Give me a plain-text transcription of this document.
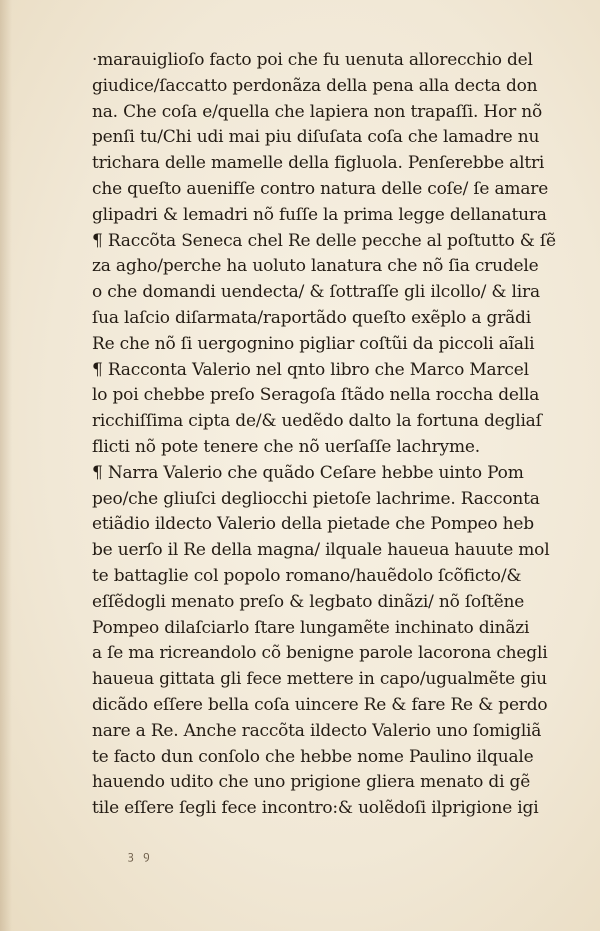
·marauiglioſo facto poi che fu uenuta allorecchio del
giudice/ſaccatto perdonãza della pena alla decta don
na. Che coſa e/quella che lapiera non trapaſſi. Hor nõ
penſi tu/Chi udi mai piu diſuſata coſa che lamadre nu
trichara delle mamelle della figluola. Penſerebbe altri
che queſto auenifſe contro natura delle coſe/ ſe amare
glipadri & lemadri nõ fuſſe la prima legge dellanatura
¶ Raccõta Seneca chel Re delle pecche al poſtutto & ſẽ
za agho/perche ha uoluto lanatura che nõ ſia crudele
o che domandi uendecta/ & ſottraſſe gli ilcollo/ & lira
ſua laſcio diſarmata/raportãdo queſto exẽplo a grãdi
Re che nõ ſi uergognino pigliar coſtũi da piccoli aĩali
¶ Racconta Valerio nel qnto libro che Marco Marcel
lo poi chebbe preſo Seragoſa ſtãdo nella roccha della
ricchiſſima cipta de/& uedẽdo dalto la fortuna degliaſ
flicti nõ pote tenere che nõ uerſaſſe lachryme.
¶ Narra Valerio che quãdo Ceſare hebbe uinto Pom
peo/che gliuſci degliocchi pietoſe lachrime. Racconta
etiãdio ildecto Valerio della pietade che Pompeo heb
be uerſo il Re della magna/ ilquale haueua hauute mol
te battaglie col popolo romano/hauẽdolo ſcõficto/&
eſſẽdogli menato preſo & legbato dinãzi/ nõ ſoſtẽne
Pompeo dilaſciarlo ſtare lungamẽte inchinato dinãzi
a ſe ma ricreandolo cõ benigne parole lacorona chegli
haueua gittata gli fece mettere in capo/ugualmẽte giu
dicãdo eſſere bella coſa uincere Re & fare Re & perdo
nare a Re. Anche raccõta ildecto Valerio uno ſomigliã
te facto dun conſolo che hebbe nome Paulino ilquale
hauendo udito che uno prigione gliera menato di gẽ
tile eſſere ſegli fece incontro:& uolẽdoſi ilprigione igi
ꝫ ꝯ
